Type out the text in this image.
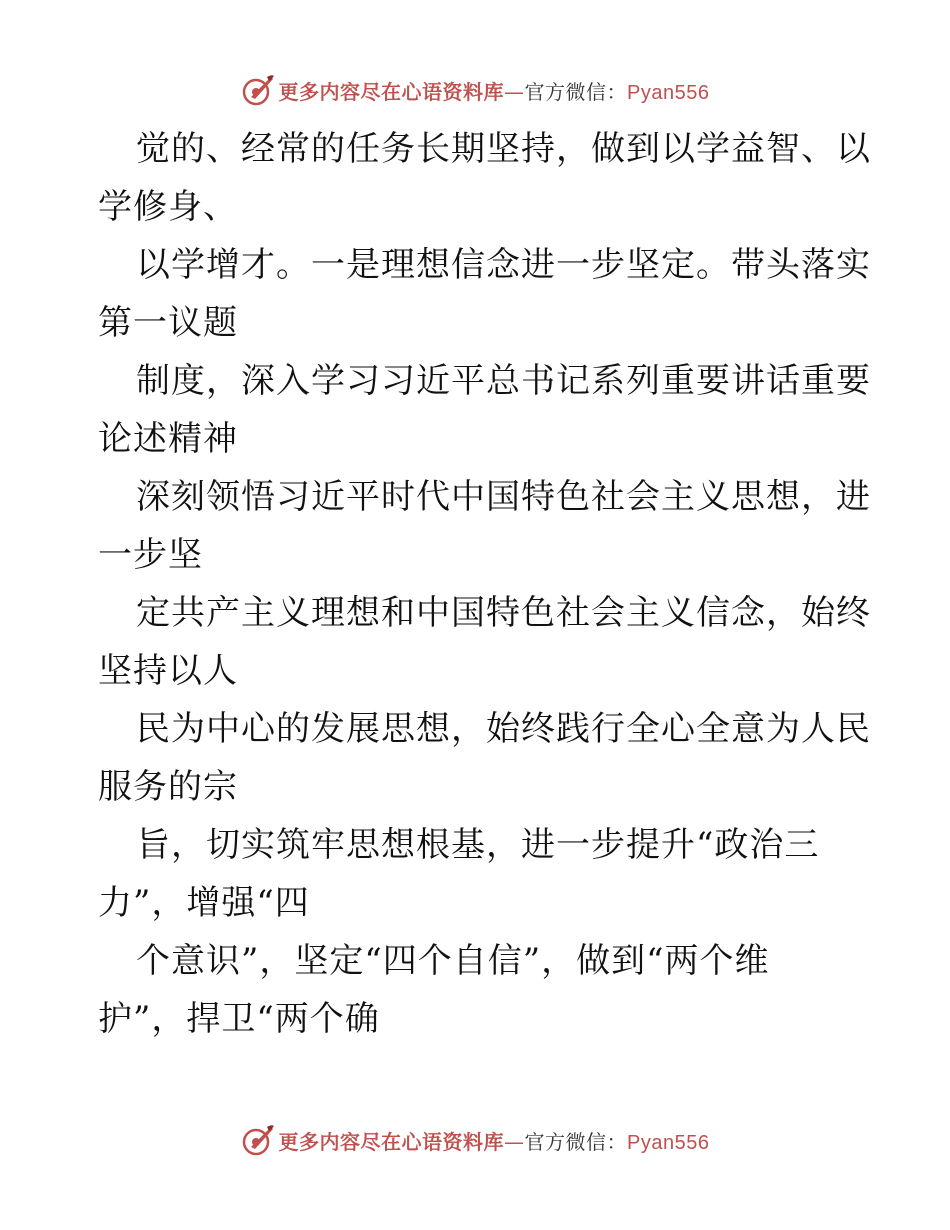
更多内容尽在心语资料库—官方微信：Pyan556
觉的、经常的任务长期坚持，做到以学益智、以
学修身、
以学增才。一是理想信念进一步坚定。带头落实
第一议题
制度，深入学习习近平总书记系列重要讲话重要
论述精神
深刻领悟习近平时代中国特色社会主义思想，进
一步坚
定共产主义理想和中国特色社会主义信念，始终
坚持以人
民为中心的发展思想，始终践行全心全意为人民
服务的宗
旨，切实筑牢思想根基，进一步提升“政治三
力”，增强“四
个意识”，坚定“四个自信”，做到“两个维
护”，捍卫“两个确
更多内容尽在心语资料库—官方微信：Pyan556
